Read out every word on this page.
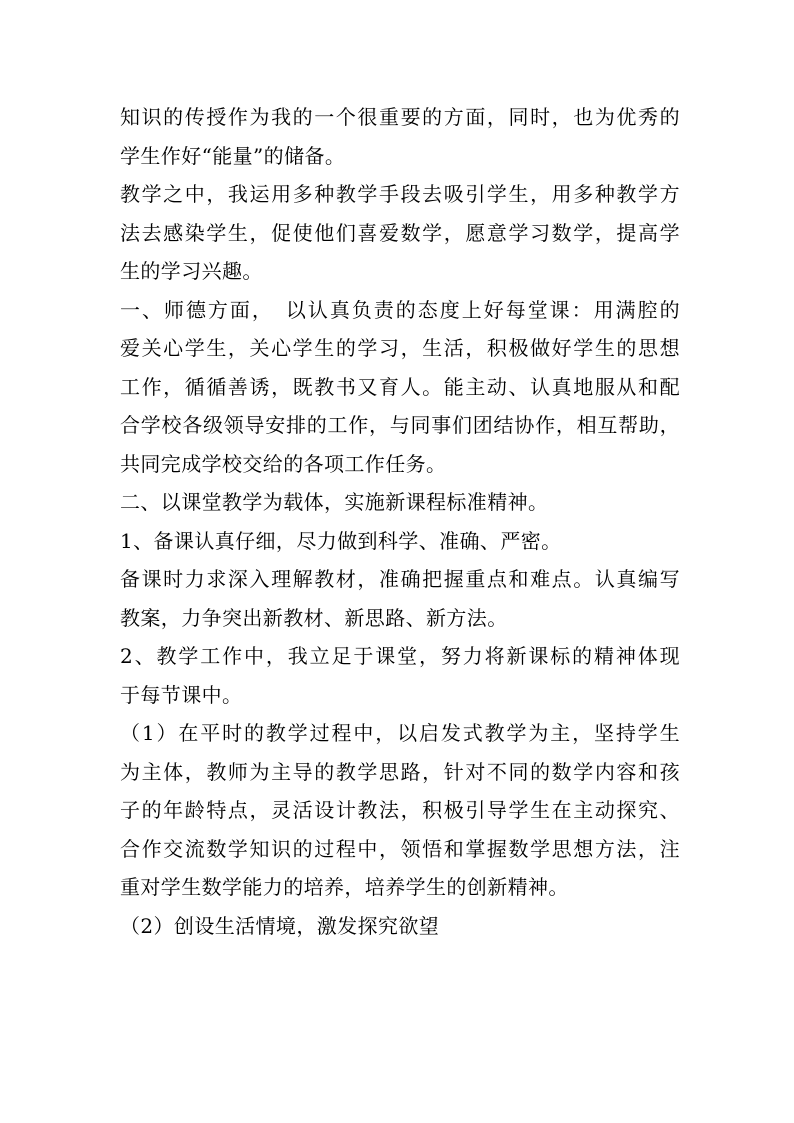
知识的传授作为我的一个很重要的方面，同时，也为优秀的
学生作好“能量”的储备。
教学之中，我运用多种教学手段去吸引学生，用多种教学方
法去感染学生，促使他们喜爱数学，愿意学习数学，提高学
生的学习兴趣。
一、师德方面，　以认真负责的态度上好每堂课：用满腔的
爱关心学生，关心学生的学习，生活，积极做好学生的思想
工作，循循善诱，既教书又育人。能主动、认真地服从和配
合学校各级领导安排的工作，与同事们团结协作，相互帮助，
共同完成学校交给的各项工作任务。
二、以课堂教学为载体，实施新课程标准精神。
1、备课认真仔细，尽力做到科学、准确、严密。
备课时力求深入理解教材，准确把握重点和难点。认真编写
教案，力争突出新教材、新思路、新方法。
2、教学工作中，我立足于课堂，努力将新课标的精神体现
于每节课中。
（1）在平时的教学过程中，以启发式教学为主，坚持学生
为主体，教师为主导的教学思路，针对不同的数学内容和孩
子的年龄特点，灵活设计教法，积极引导学生在主动探究、
合作交流数学知识的过程中，领悟和掌握数学思想方法，注
重对学生数学能力的培养，培养学生的创新精神。
（2）创设生活情境，激发探究欲望
